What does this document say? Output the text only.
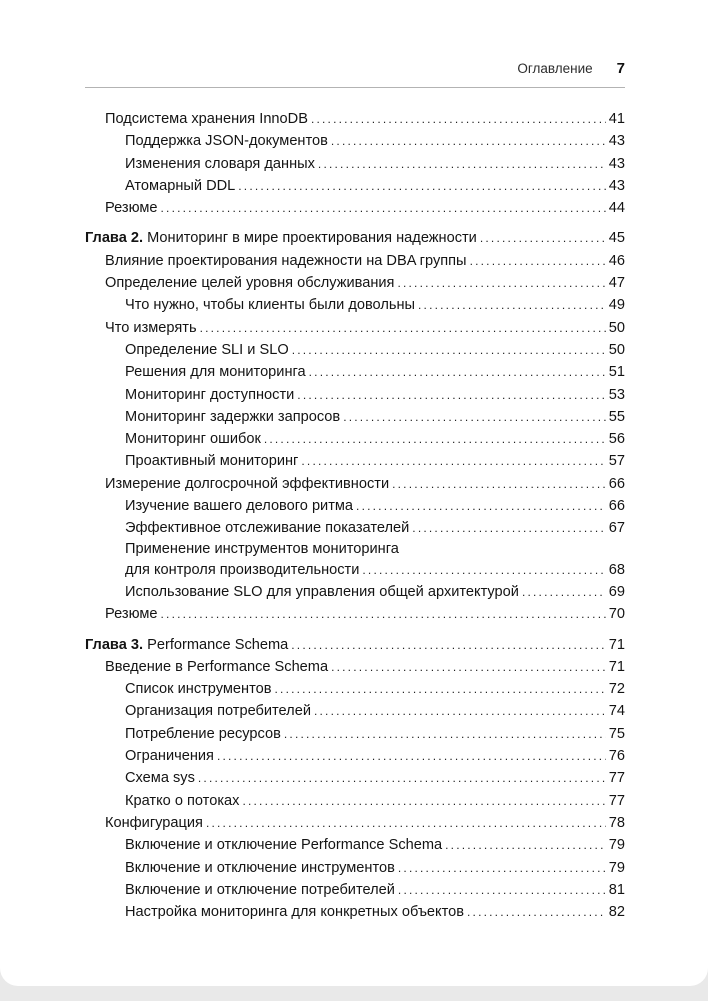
Оглавление 7
Подсистема хранения InnoDB .....	41
Поддержка JSON-документов .....	43
Изменения словаря данных .....	43
Атомарный DDL .....	43
Резюме .....	44
Глава 2. Мониторинг в мире проектирования надежности .....	45
Влияние проектирования надежности на DBA группы .....	46
Определение целей уровня обслуживания .....	47
Что нужно, чтобы клиенты были довольны .....	49
Что измерять .....	50
Определение SLI и SLO .....	50
Решения для мониторинга .....	51
Мониторинг доступности .....	53
Мониторинг задержки запросов .....	55
Мониторинг ошибок .....	56
Проактивный мониторинг .....	57
Измерение долгосрочной эффективности .....	66
Изучение вашего делового ритма .....	66
Эффективное отслеживание показателей .....	67
Применение инструментов мониторинга
для контроля производительности .....	68
Использование SLO для управления общей архитектурой .....	69
Резюме .....	70
Глава 3. Performance Schema .....	71
Введение в Performance Schema .....	71
Список инструментов .....	72
Организация потребителей .....	74
Потребление ресурсов .....	75
Ограничения .....	76
Схема sys .....	77
Кратко о потоках .....	77
Конфигурация .....	78
Включение и отключение Performance Schema .....	79
Включение и отключение инструментов .....	79
Включение и отключение потребителей .....	81
Настройка мониторинга для конкретных объектов .....	82
